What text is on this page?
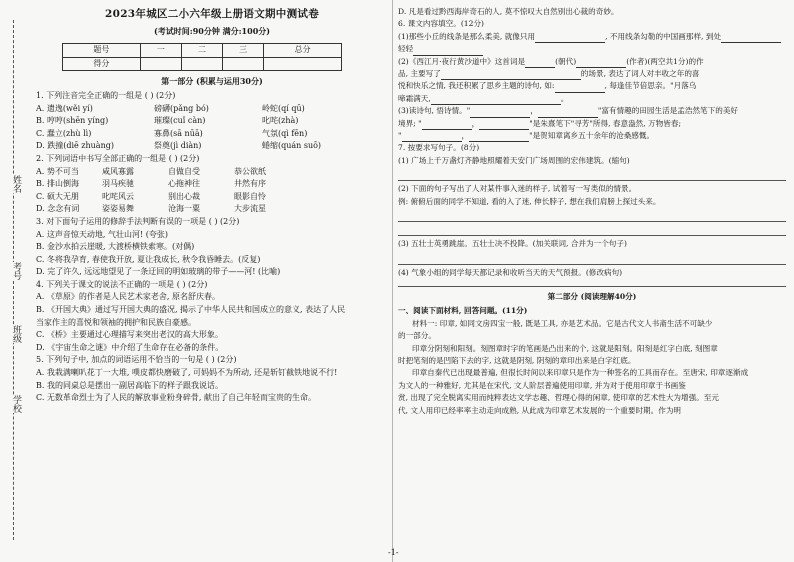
姓名
考号
班级
学校
2023年城区二小六年级上册语文期中测试卷
(考试时间:90分钟 满分:100分)
题号	一	二	三	总分
得分				
第一部分 (积累与运用30分)
1. 下列注音完全正确的一组是 ( ) (2分)
A. 遗逸(wěi yí)	磅礴(pǎng bó)	岭蛇(qí qū)
B. 哼哼(shēn yíng)	璀璨(cuǐ càn)	叱咤(zhà)
C. 蠢立(zhù lì)	寡鼻(sā nūā)	气氛(qì fēn)
D. 跌撞(diē zhuàng)	祭奠(jì diàn)	蜷缩(quán suō)
2. 下列词语中书写全部正确的一组是 ( ) (2分)
A. 势不可当	咸风寡露	自做自受	恭公欲纸
B. 排山倒海	羽马疾驰	心拖神往	井然有序
C. 硕大无朋	叱咤风云	别出心裁	眼影自怜
D. 念念有词	姿姿易舞	沧海一粟	大步流星
3. 对下面句子运用的修辞手法判断有误的一项是 ( ) (2分)
A. 这声音惊天动地, 气壮山河! (夸张)
B. 金沙水拍云崖暖, 大渡桥横铁索寒。(对偶)
C. 冬将我孕育, 春使我开放, 夏让我成长, 秋令我昏睡去。(反复)
D. 完了许久, 远远地望见了一条迂回的明如玻璃的带子——河! (比喻)
4. 下列关于课文的说法不正确的一项是 ( ) (2分)
A. 《草原》的作者是人民艺术家老舍, 原名舒庆春。
B. 《开国大典》通过写开国大典的盛况, 揭示了中华人民共和国成立的意义, 表达了人民
当家作主的喜悦和领袖的拥护和民族自豪感。
C. 《桥》主要通过心理描写来突出老汉的高大形象。
D. 《宇宙生命之谜》中介绍了生命存在必备的条件。
5. 下列句子中, 加点的词语运用不恰当的一句是 ( ) (2分)
A. 我栽满喇叭花丁一大堆, 噗皮都快磨破了, 可妈妈不为所动, 还是斩钉截铁地说不行!
B. 我的同桌总是摆出一副居高临下的样子跟我说话。
C. 无数革命烈士为了人民的解放事业粉身碎骨, 献出了自己年轻而宝贵的生命。
D. 凡是看过黔西海岸奇石的人, 莫不惊叹大自然别出心裁的奇妙。
6. 课文内容填空。(12分)
(1)那些小丘的线条是那么柔美, 就像只用	, 不用线条勾勒的中国画那样, 到处
轻轻
(2)《西江月·夜行黄沙道中》这首词是	(朝代)	(作者)(两空共1分)的作
品, 主要写了	的场景, 表达了词人对丰收之年的喜
悦和快乐之情, 我还积累了思乡主题的诗句, 如:	, 每逢佳节倍思亲。"月落乌
啼霜满天,	。
(3)读诗句, 悟诗情。"	，	"富有情趣的田园生活是孟浩然笔下的美好
境界; "	，	"是朱熹笔下"寻芳"所得, 春意盎然, 万物皆春;
"	，	"是贺知章离乡五十余年的沧桑感慨。
7. 按要求写句子。(8分)
(1) 广场上千万盏灯齐静地照耀着天安门广场周围的宏伟建筑。(缩句)
(2) 下面的句子写出了人对某件事入迷的样子, 试着写一写类似的情景。
例: 俯俯后面的同学不知道, 看的入了迷, 伸长脖子, 想在我们肩膀上探过头来。
(3) 五壮士英勇跳崖。五壮士决不投降。(加关联词, 合并为一个句子)
(4) 气象小组的同学每天都记录和收听当天的天气预报。(修改病句)
第二部分 (阅读理解40分)
一、阅读下面材料, 回答问题。(11分)
材料一: 印章, 如同文房四宝一般, 既是工具, 亦是艺术品。它是古代文人书斋生活不可缺少
的一部分。
印章分阴刻和阳刻。刻图章时字的笔画是凸出来的个, 这就是阳刻。阳刻是红字白底, 刻图章
时把笔刻的是凹陷下去的字, 这就是阴刻, 阴刻的章印出来是白字红底。
印章自秦代已出现最普遍, 但很长时间以来印章只是作为一种签名的工具而存在。至唐宋, 印章逐渐成
为文人的一种雅好, 尤其是在宋代, 文人阶层普遍使用印章, 并为对于使用印章于书画鉴
赏, 出现了完全脱离实用而纯粹表达文学志趣、哲理心得的闲章, 使印章的艺术性大为增强。至元
代, 文人用印已经率率主动走向成熟, 从此成为印章艺术发展的一个重要时期。作为明
-1-
